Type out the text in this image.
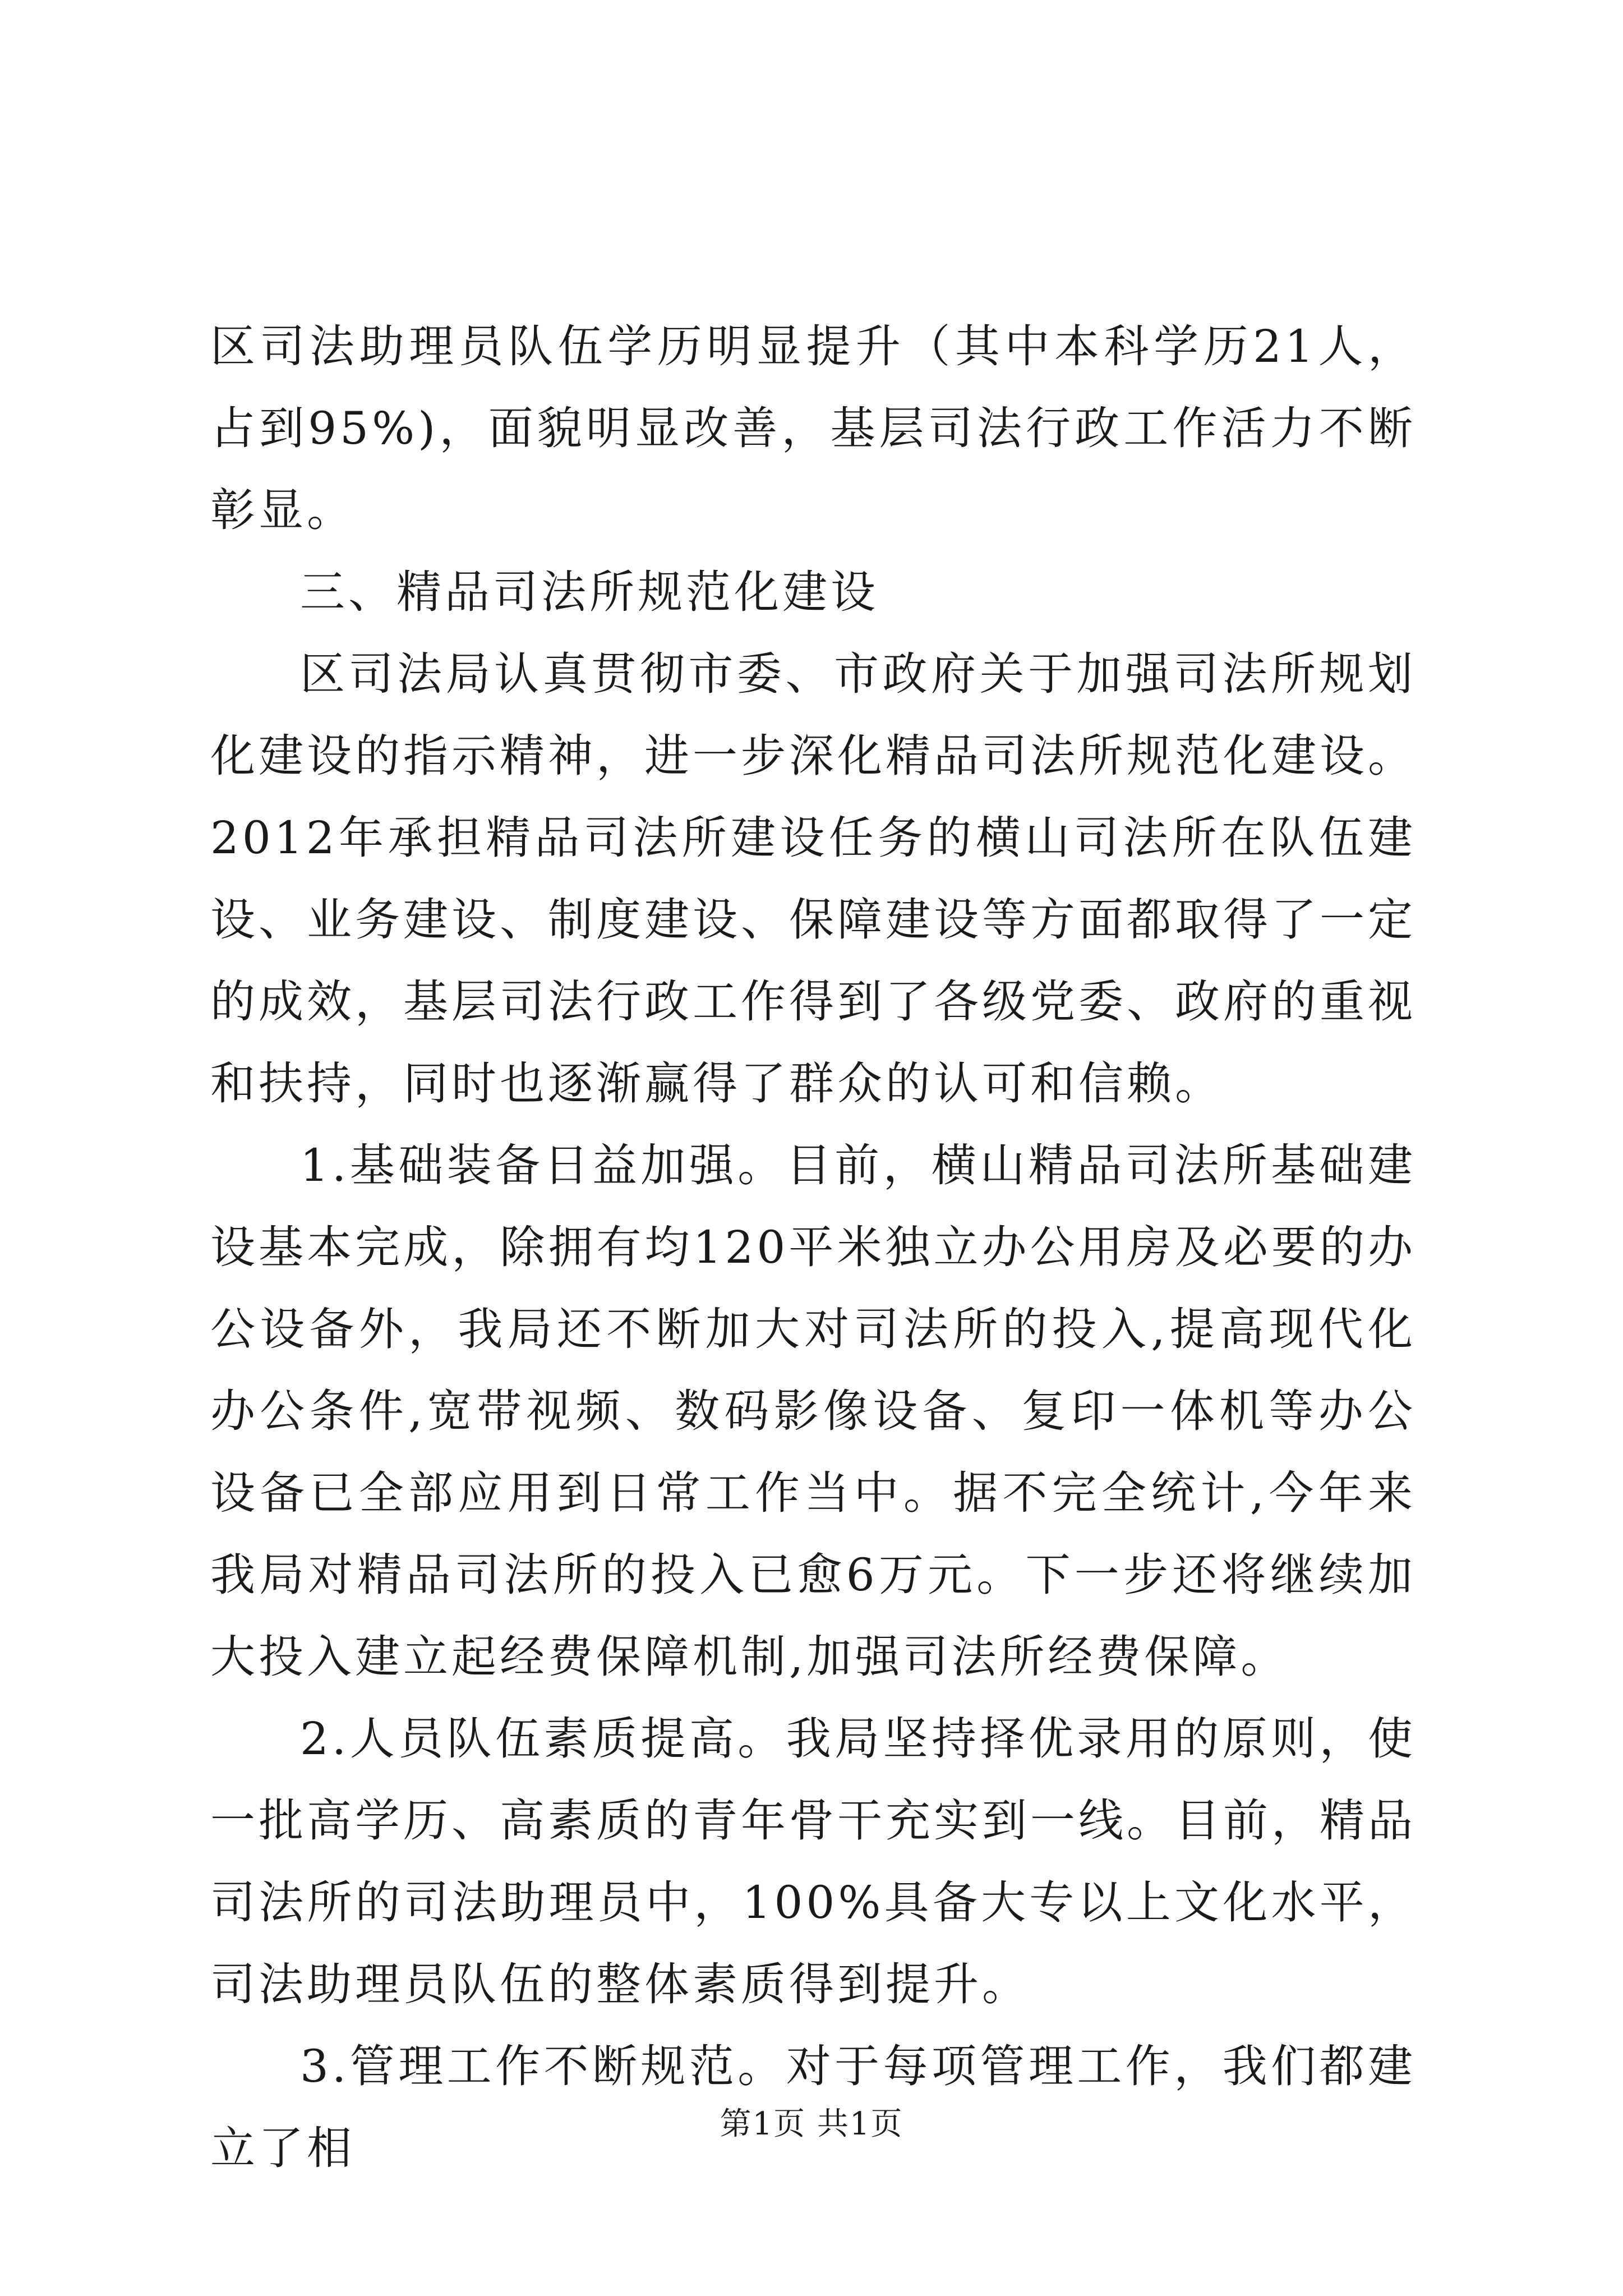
区司法助理员队伍学历明显提升（其中本科学历21人，占到95%)，面貌明显改善，基层司法行政工作活力不断彰显。

三、精品司法所规范化建设

区司法局认真贯彻市委、市政府关于加强司法所规划化建设的指示精神，进一步深化精品司法所规范化建设。2012年承担精品司法所建设任务的横山司法所在队伍建设、业务建设、制度建设、保障建设等方面都取得了一定的成效，基层司法行政工作得到了各级党委、政府的重视和扶持，同时也逐渐赢得了群众的认可和信赖。

1.基础装备日益加强。目前，横山精品司法所基础建设基本完成，除拥有均120平米独立办公用房及必要的办公设备外，我局还不断加大对司法所的投入,提高现代化办公条件,宽带视频、数码影像设备、复印一体机等办公设备已全部应用到日常工作当中。据不完全统计,今年来我局对精品司法所的投入已愈6万元。下一步还将继续加大投入建立起经费保障机制,加强司法所经费保障。

2.人员队伍素质提高。我局坚持择优录用的原则，使一批高学历、高素质的青年骨干充实到一线。目前，精品司法所的司法助理员中，100%具备大专以上文化水平，司法助理员队伍的整体素质得到提升。

3.管理工作不断规范。对于每项管理工作，我们都建立了相	第1页 共1页
